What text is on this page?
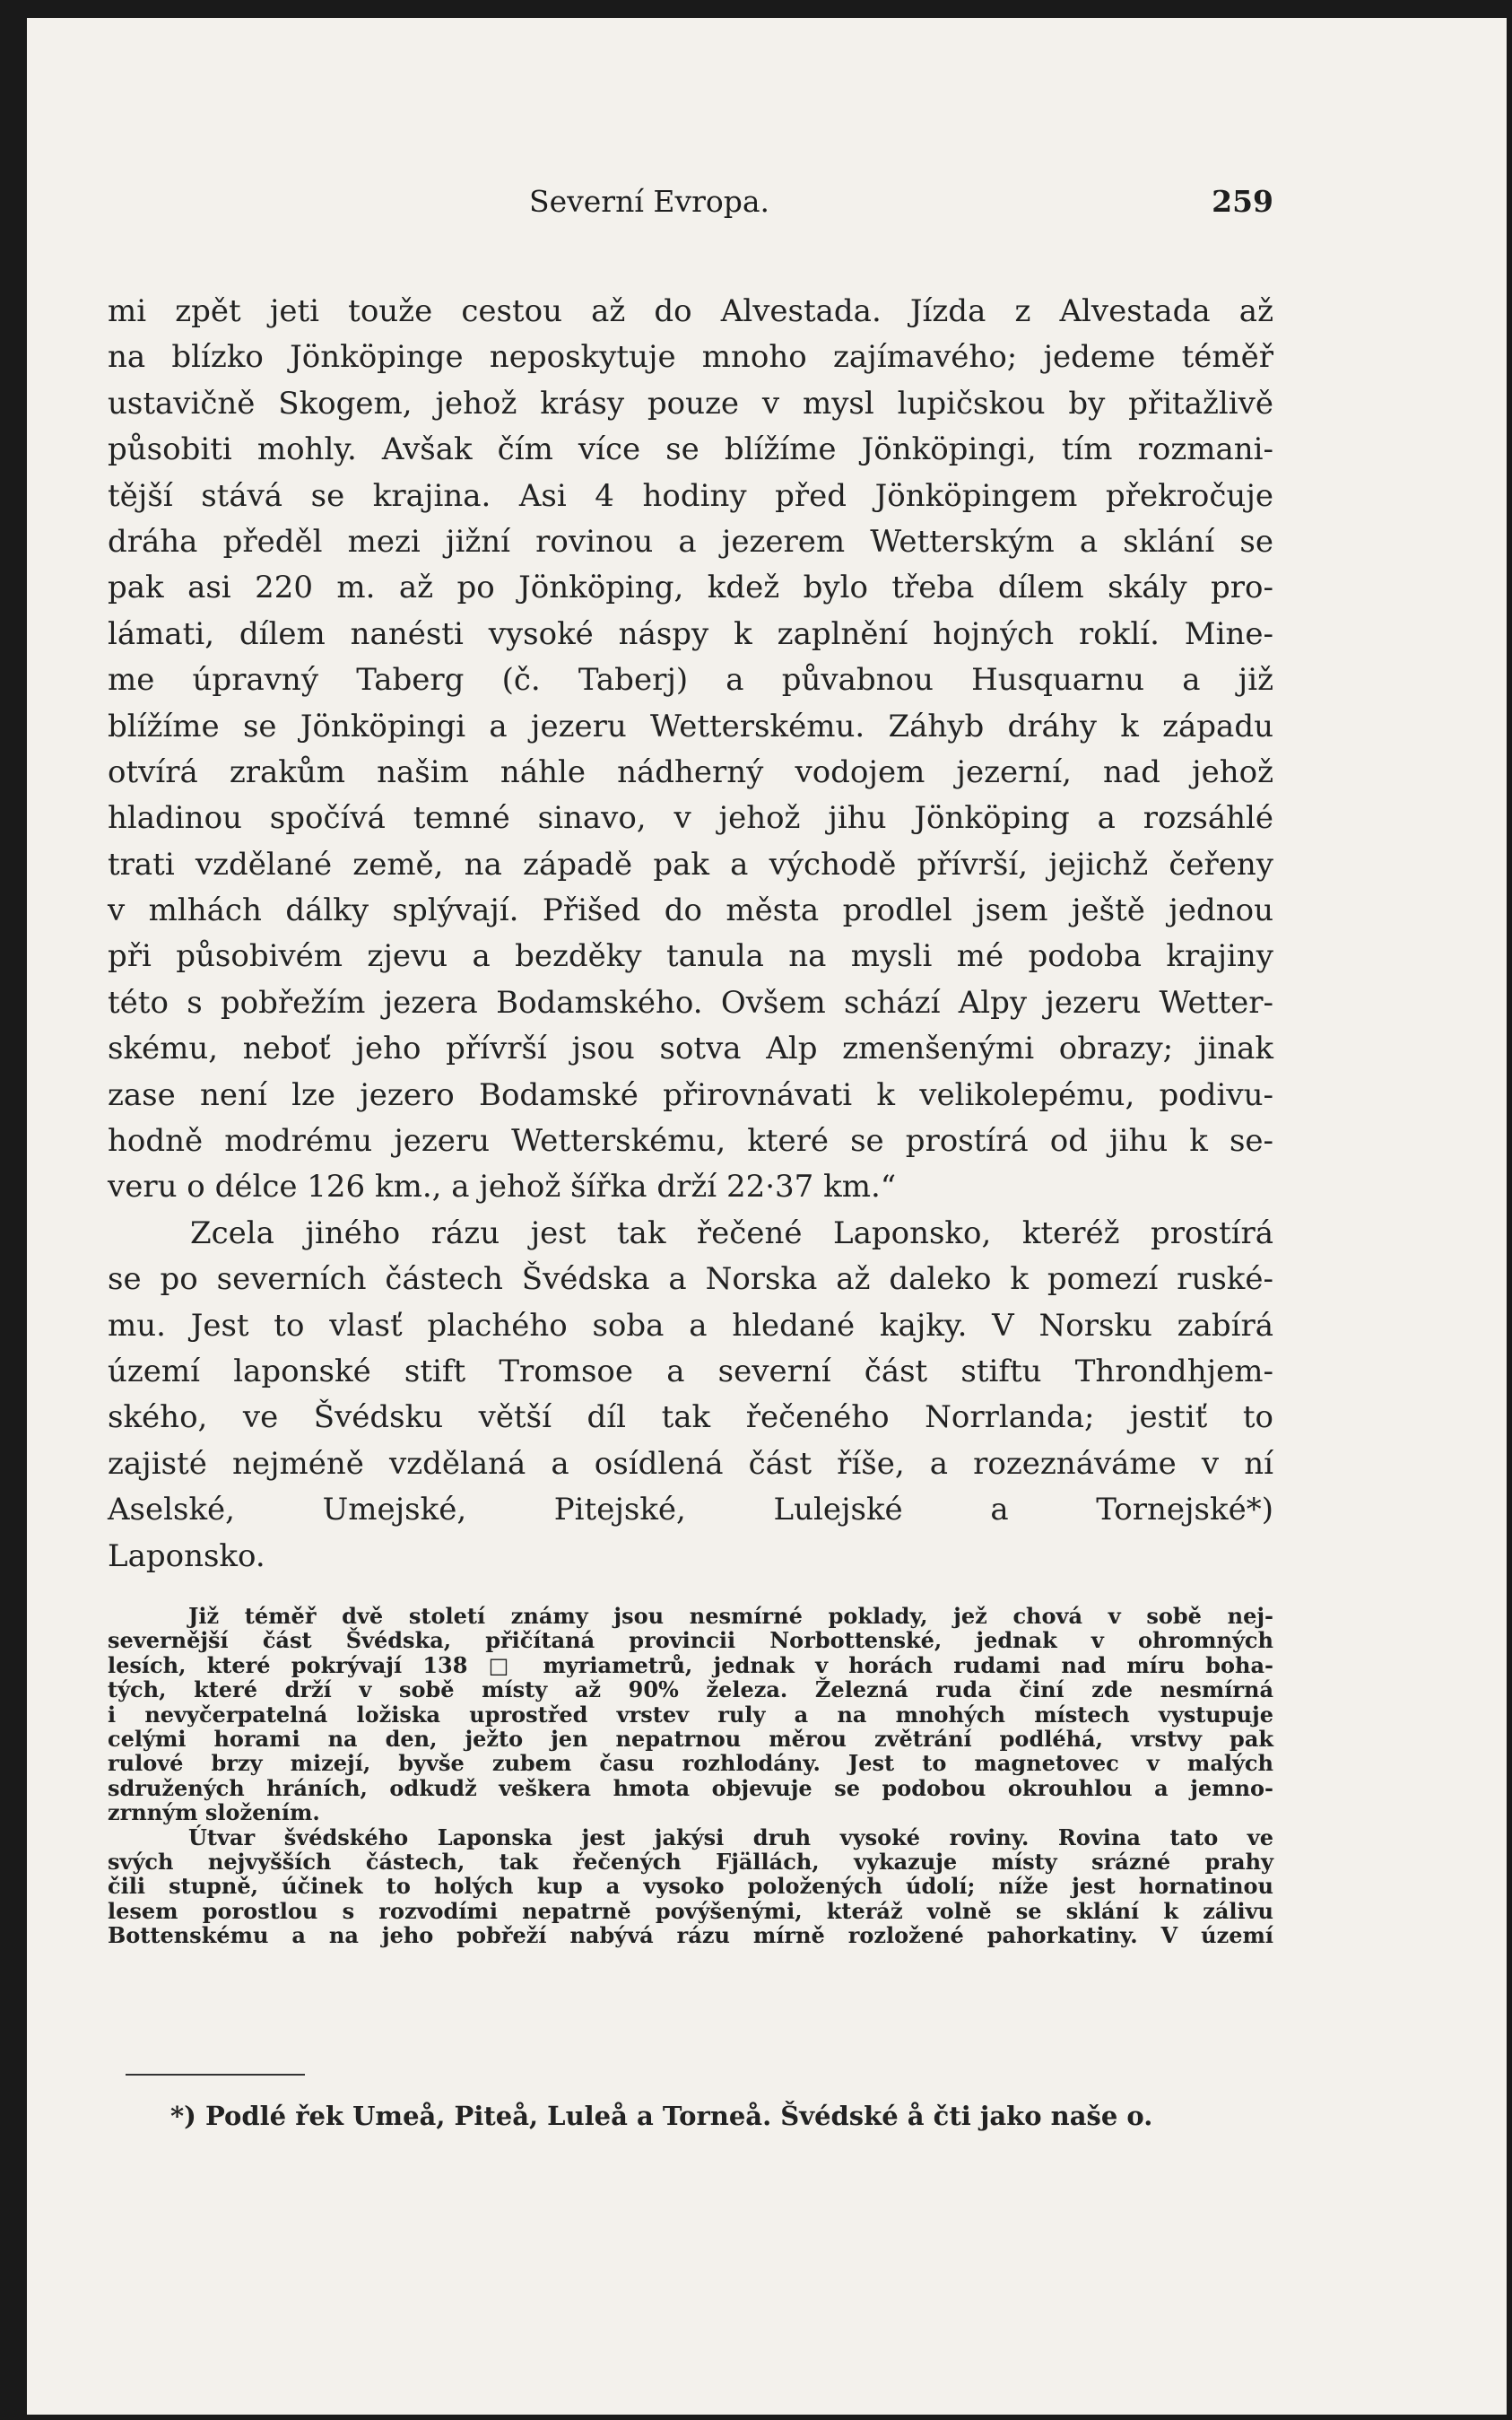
Severní Evropa.	259
mi zpět jeti touže cestou až do Alvestada. Jízda z Alvestada až
na blízko Jönköpinge neposkytuje mnoho zajímavého; jedeme téměř
ustavičně Skogem, jehož krásy pouze v mysl lupičskou by přitažlivě
působiti mohly. Avšak čím více se blížíme Jönköpingi, tím rozmani-
tější stává se krajina. Asi 4 hodiny před Jönköpingem překročuje
dráha předěl mezi jižní rovinou a jezerem Wetterským a sklání se
pak asi 220 m. až po Jönköping, kdež bylo třeba dílem skály pro-
lámati, dílem nanésti vysoké náspy k zaplnění hojných roklí. Mine-
me úpravný Taberg (č. Taberj) a půvabnou Husquarnu a již
blížíme se Jönköpingi a jezeru Wetterskému. Záhyb dráhy k západu
otvírá zrakům našim náhle nádherný vodojem jezerní, nad jehož
hladinou spočívá temné sinavo, v jehož jihu Jönköping a rozsáhlé
trati vzdělané země, na západě pak a východě přívrší, jejichž čeřeny
v mlhách dálky splývají. Přišed do města prodlel jsem ještě jednou
při působivém zjevu a bezděky tanula na mysli mé podoba krajiny
této s pobřežím jezera Bodamského. Ovšem schází Alpy jezeru Wetter-
skému, neboť jeho přívrší jsou sotva Alp zmenšenými obrazy; jinak
zase není lze jezero Bodamské přirovnávati k velikolepému, podivu-
hodně modrému jezeru Wetterskému, které se prostírá od jihu k se-
veru o délce 126 km., a jehož šířka drží 22·37 km.“
Zcela jiného rázu jest tak řečené Laponsko, kteréž prostírá
se po severních částech Švédska a Norska až daleko k pomezí ruské-
mu. Jest to vlasť plachého soba a hledané kajky. V Norsku zabírá
území laponské stift Tromsoe a severní část stiftu Throndhjem-
ského, ve Švédsku větší díl tak řečeného Norrlanda; jestiť to
zajisté nejméně vzdělaná a osídlená část říše, a rozeznáváme v ní
Aselské, Umejské, Pitejské, Lulejské a Tornejské*)
Laponsko.
Již téměř dvě století známy jsou nesmírné poklady, jež chová v sobě nej-
severnější část Švédska, přičítaná provincii Norbottenské, jednak v ohromných
lesích, které pokrývají 138 □ myriametrů, jednak v horách rudami nad míru boha-
tých, které drží v sobě místy až 90% železa. Železná ruda činí zde nesmírná
i nevyčerpatelná ložiska uprostřed vrstev ruly a na mnohých místech vystupuje
celými horami na den, ježto jen nepatrnou měrou zvětrání podléhá, vrstvy pak
rulové brzy mizejí, byvše zubem času rozhlodány. Jest to magnetovec v malých
sdružených hráních, odkudž veškera hmota objevuje se podobou okrouhlou a jemno-
zrnným složením.
Útvar švédského Laponska jest jakýsi druh vysoké roviny. Rovina tato ve
svých nejvyšších částech, tak řečených Fjällách, vykazuje místy srázné prahy
čili stupně, účinek to holých kup a vysoko položených údolí; níže jest hornatinou
lesem porostlou s rozvodími nepatrně povýšenými, kteráž volně se sklání k zálivu
Bottenskému a na jeho pobřeží nabývá rázu mírně rozložené pahorkatiny. V území
*) Podlé řek Umeå, Piteå, Luleå a Torneå. Švédské å čti jako naše o.
